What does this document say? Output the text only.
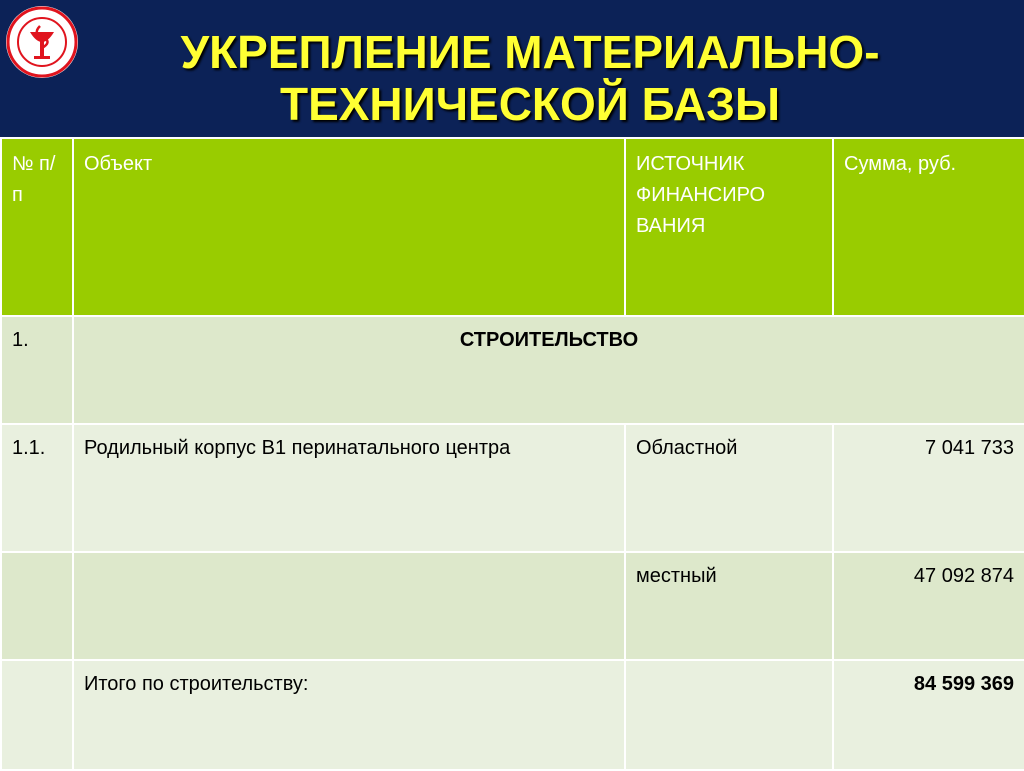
УКРЕПЛЕНИЕ МАТЕРИАЛЬНО-
ТЕХНИЧЕСКОЙ БАЗЫ
№ п/п	Объект	ИСТОЧНИК ФИНАНСИРО ВАНИЯ	Сумма, руб.
1.	СТРОИТЕЛЬСТВО		
1.1.	Родильный корпус В1 перинатального центра	Областной	7 041 733
		местный	47 092 874
	Итого по строительству:		84 599 369
